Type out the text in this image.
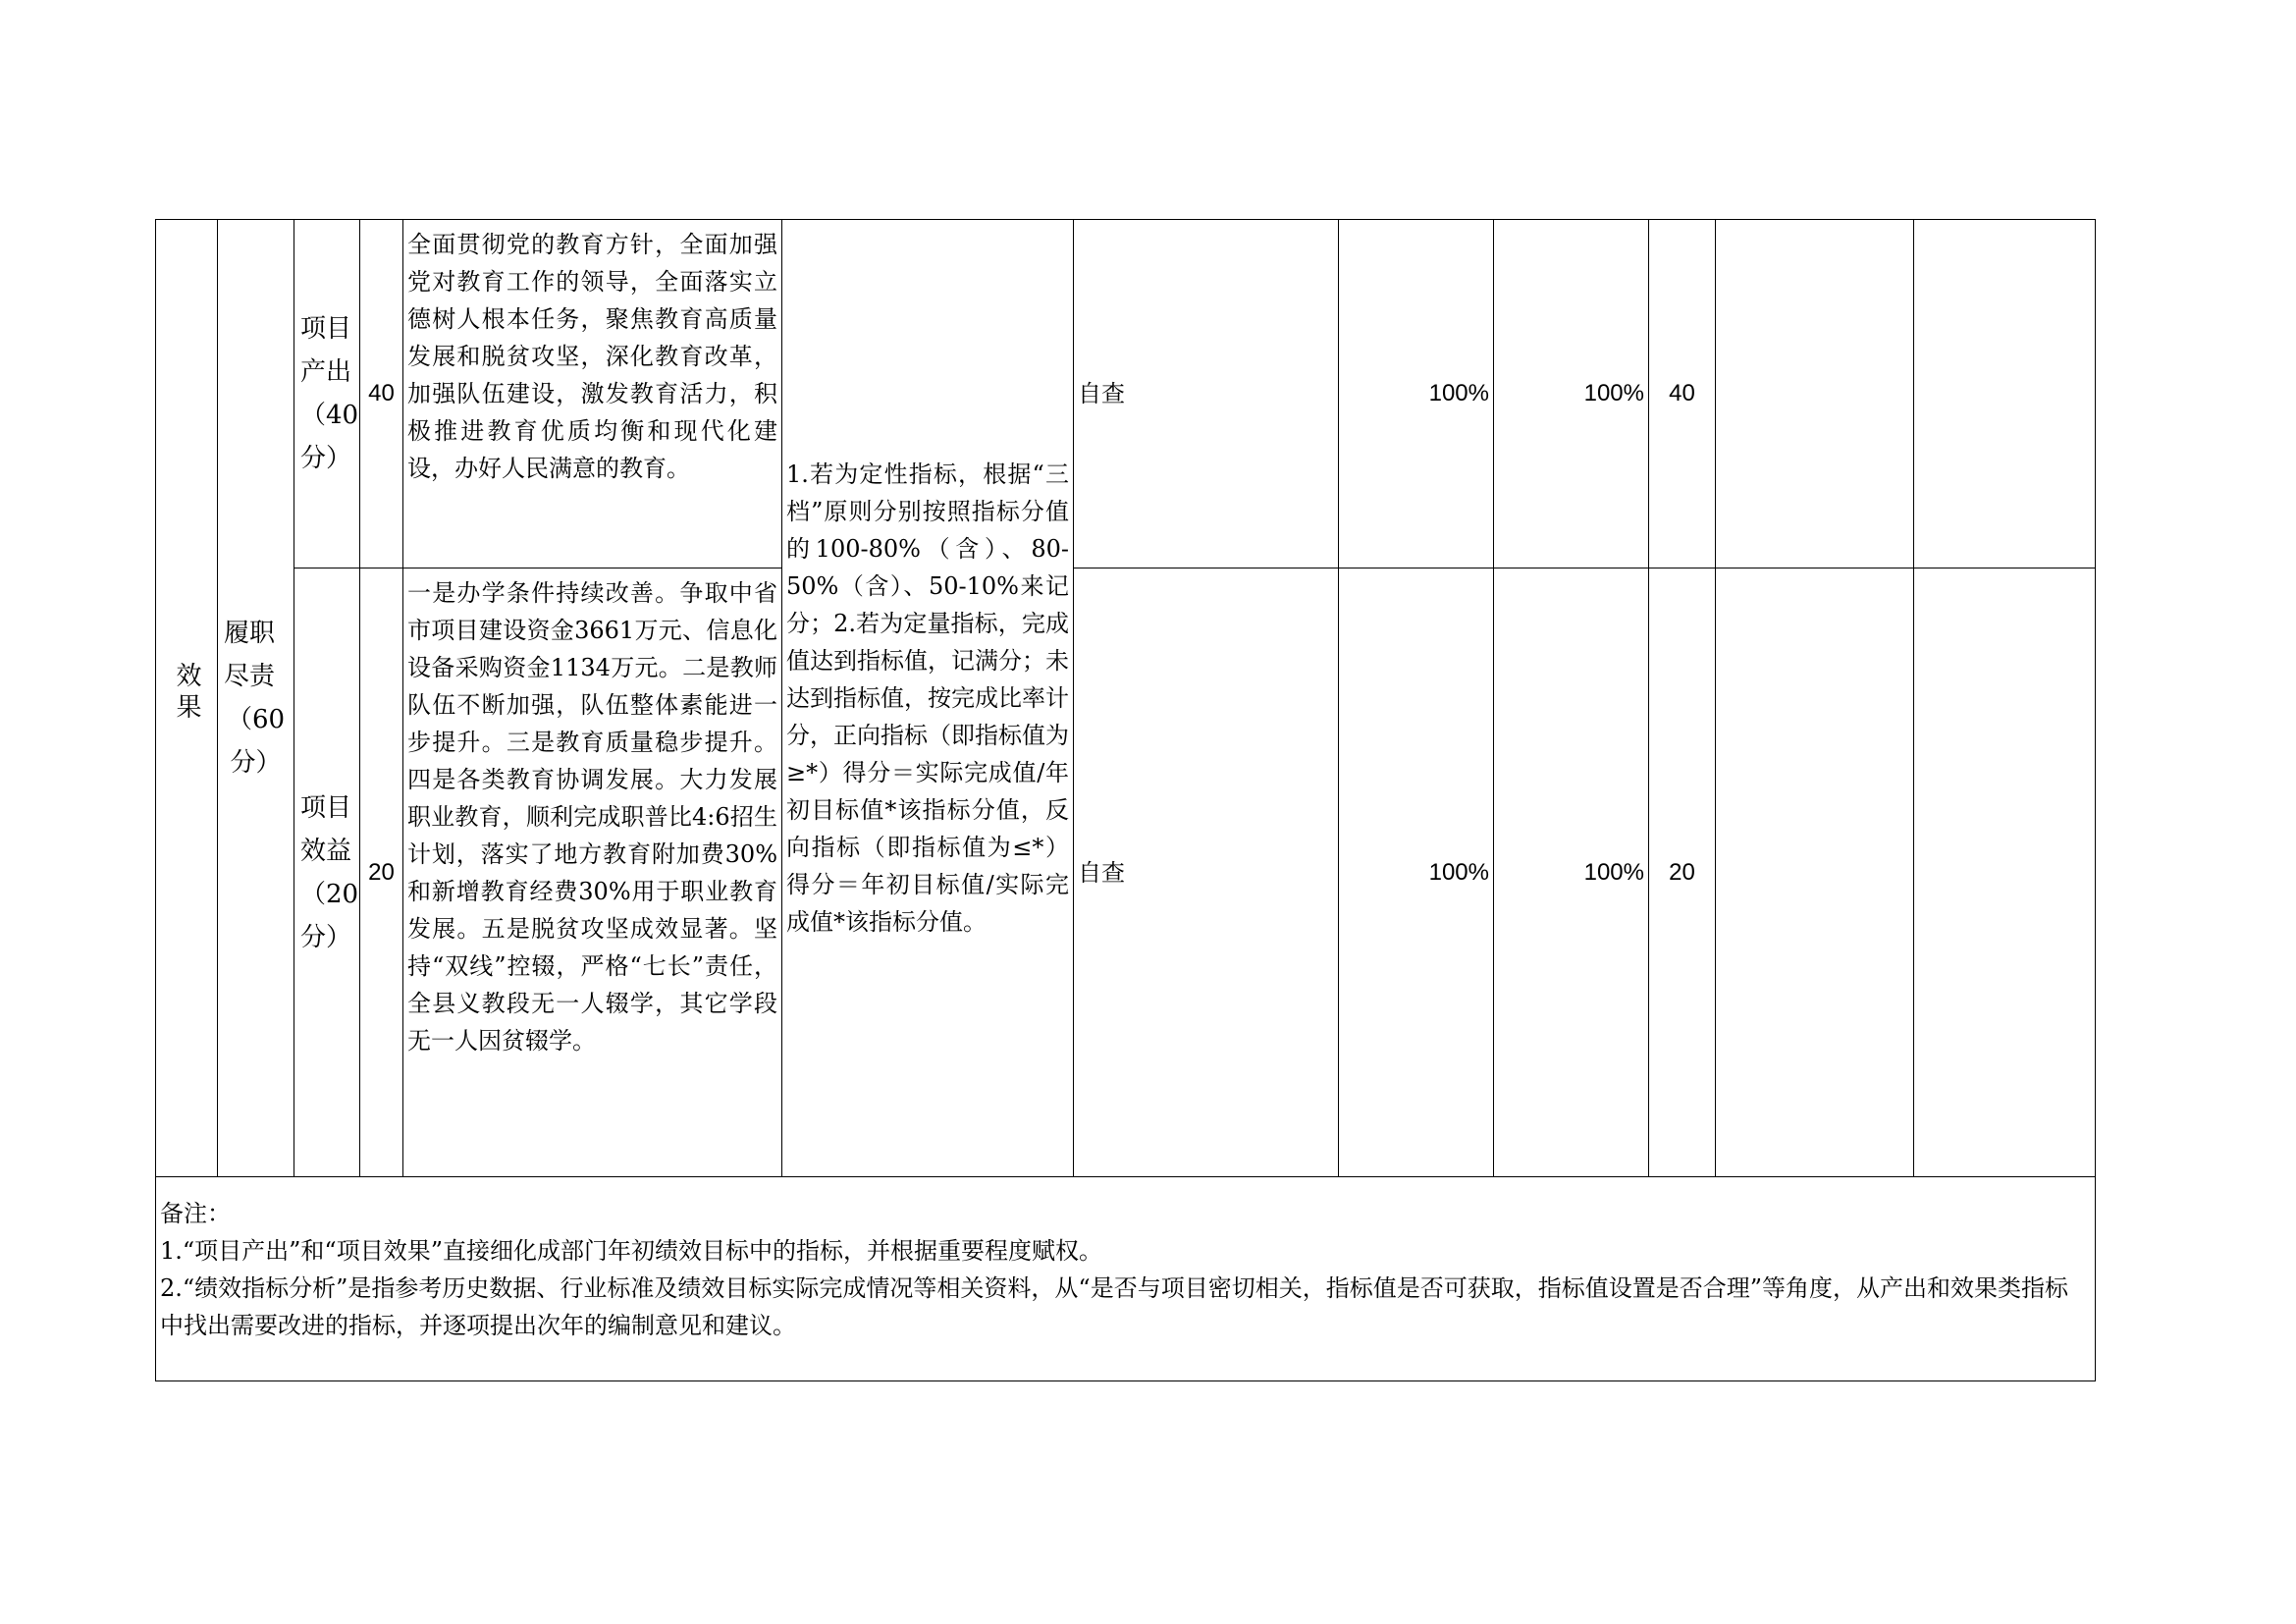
效果	履职
尽责
（60
分）	项目
产出
（40
分）	40	全面贯彻党的教育方针，全面加强党对教育工作的领导，全面落实立德树人根本任务，聚焦教育高质量发展和脱贫攻坚，深化教育改革，加强队伍建设，激发教育活力，积极推进教育优质均衡和现代化建设，办好人民满意的教育。	1.若为定性指标，根据“三档”原则分别按照指标分值的100-80%（含）、80-50%（含）、50-10%来记分；2.若为定量指标，完成值达到指标值，记满分；未达到指标值，按完成比率计分，正向指标（即指标值为≥*）得分＝实际完成值/年初目标值*该指标分值，反向指标（即指标值为≤*）得分＝年初目标值/实际完成值*该指标分值。	自查	100%	100%	40		

		项目
效益
（20
分）	20	一是办学条件持续改善。争取中省市项目建设资金3661万元、信息化设备采购资金1134万元。二是教师队伍不断加强，队伍整体素能进一步提升。三是教育质量稳步提升。四是各类教育协调发展。大力发展职业教育，顺利完成职普比4:6招生计划，落实了地方教育附加费30%和新增教育经费30%用于职业教育发展。五是脱贫攻坚成效显著。坚持“双线”控辍，严格“七长”责任，全县义教段无一人辍学，其它学段无一人因贫辍学。		自查	100%	100%	20		

备注：
1.“项目产出”和“项目效果”直接细化成部门年初绩效目标中的指标，并根据重要程度赋权。
2.“绩效指标分析”是指参考历史数据、行业标准及绩效目标实际完成情况等相关资料，从“是否与项目密切相关，指标值是否可获取，指标值设置是否合理”等角度，从产出和效果类指标中找出需要改进的指标，并逐项提出次年的编制意见和建议。											
